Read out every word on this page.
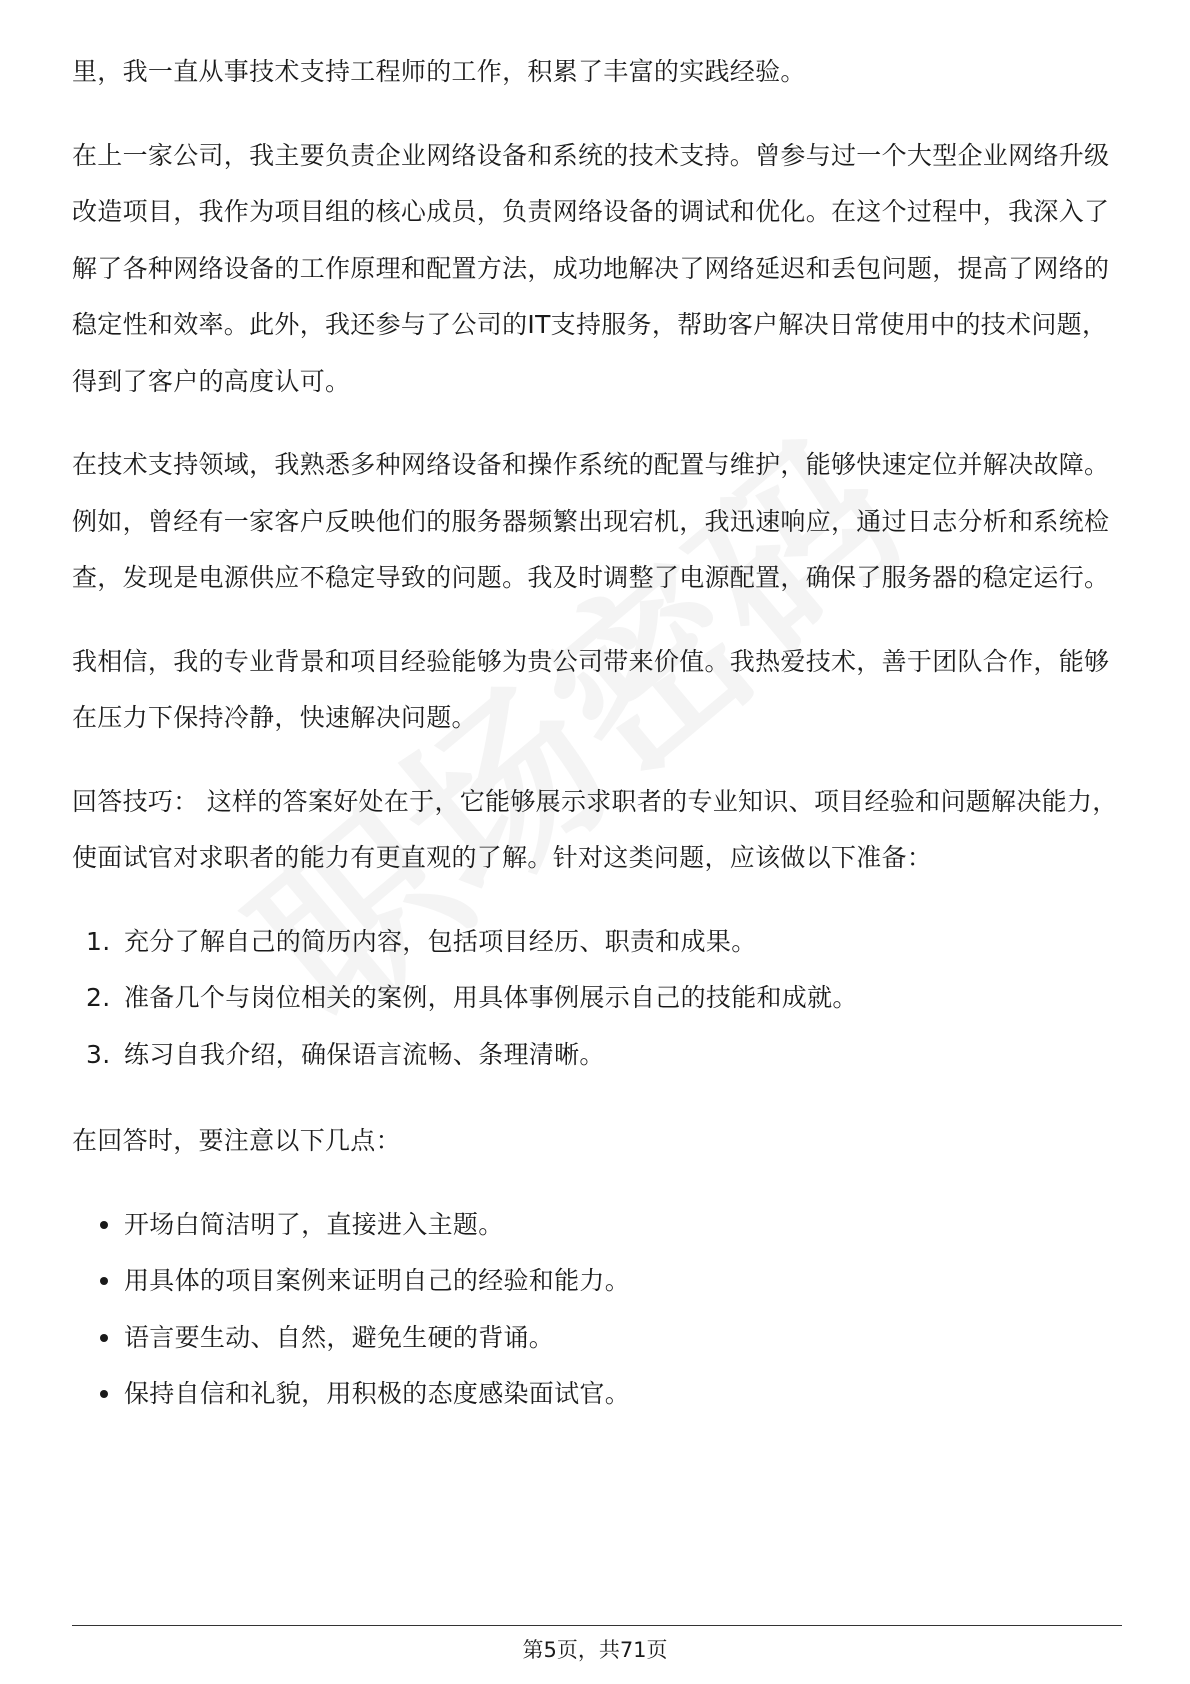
里，我一直从事技术支持工程师的工作，积累了丰富的实践经验。

在上一家公司，我主要负责企业网络设备和系统的技术支持。曾参与过一个大型企业网络升级改造项目，我作为项目组的核心成员，负责网络设备的调试和优化。在这个过程中，我深入了解了各种网络设备的工作原理和配置方法，成功地解决了网络延迟和丢包问题，提高了网络的稳定性和效率。此外，我还参与了公司的IT支持服务，帮助客户解决日常使用中的技术问题，得到了客户的高度认可。

在技术支持领域，我熟悉多种网络设备和操作系统的配置与维护，能够快速定位并解决故障。例如，曾经有一家客户反映他们的服务器频繁出现宕机，我迅速响应，通过日志分析和系统检查，发现是电源供应不稳定导致的问题。我及时调整了电源配置，确保了服务器的稳定运行。

我相信，我的专业背景和项目经验能够为贵公司带来价值。我热爱技术，善于团队合作，能够在压力下保持冷静，快速解决问题。

回答技巧： 这样的答案好处在于，它能够展示求职者的专业知识、项目经验和问题解决能力，使面试官对求职者的能力有更直观的了解。针对这类问题，应该做以下准备：

1. 充分了解自己的简历内容，包括项目经历、职责和成果。
2. 准备几个与岗位相关的案例，用具体事例展示自己的技能和成就。
3. 练习自我介绍，确保语言流畅、条理清晰。

在回答时，要注意以下几点：

开场白简洁明了，直接进入主题。
用具体的项目案例来证明自己的经验和能力。
语言要生动、自然，避免生硬的背诵。
保持自信和礼貌，用积极的态度感染面试官。
第5页，共71页
